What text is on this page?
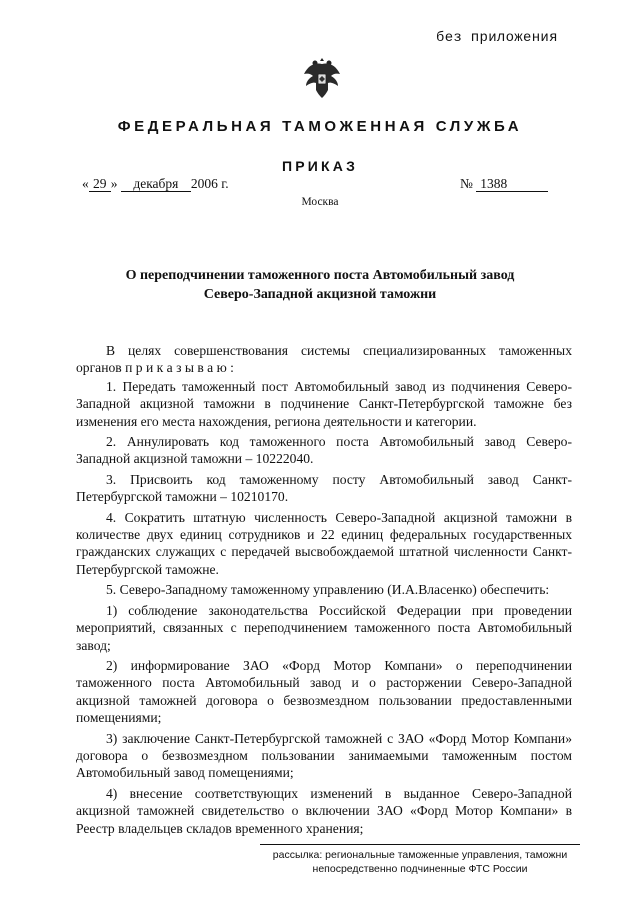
без приложения
ФЕДЕРАЛЬНАЯ ТАМОЖЕННАЯ СЛУЖБА
ПРИКАЗ
« 29 » декабря 2006 г.	№ 1388
Москва
О переподчинении таможенного поста Автомобильный завод
Северо-Западной акцизной таможни

В целях совершенствования системы специализированных таможенных органов п р и к а з ы в а ю :

1. Передать таможенный пост Автомобильный завод из подчинения Северо-Западной акцизной таможни в подчинение Санкт-Петербургской таможне без изменения его места нахождения, региона деятельности и категории.

2. Аннулировать код таможенного поста Автомобильный завод Северо-Западной акцизной таможни – 10222040.

3. Присвоить код таможенному посту Автомобильный завод Санкт-Петербургской таможни – 10210170.

4. Сократить штатную численность Северо-Западной акцизной таможни в количестве двух единиц сотрудников и 22 единиц федеральных государственных гражданских служащих с передачей высвобождаемой штатной численности Санкт-Петербургской таможне.

5. Северо-Западному таможенному управлению (И.А.Власенко) обеспечить:

1) соблюдение законодательства Российской Федерации при проведении мероприятий, связанных с переподчинением таможенного поста Автомобильный завод;

2) информирование ЗАО «Форд Мотор Компани» о переподчинении таможенного поста Автомобильный завод и о расторжении Северо-Западной акцизной таможней договора о безвозмездном пользовании предоставленными помещениями;

3) заключение Санкт-Петербургской таможней с ЗАО «Форд Мотор Компани» договора о безвозмездном пользовании занимаемыми таможенным постом Автомобильный завод помещениями;

4) внесение соответствующих изменений в выданное Северо-Западной акцизной таможней свидетельство о включении ЗАО «Форд Мотор Компани» в Реестр владельцев складов временного хранения;

рассылка: региональные таможенные управления, таможни
непосредственно подчиненные ФТС России
